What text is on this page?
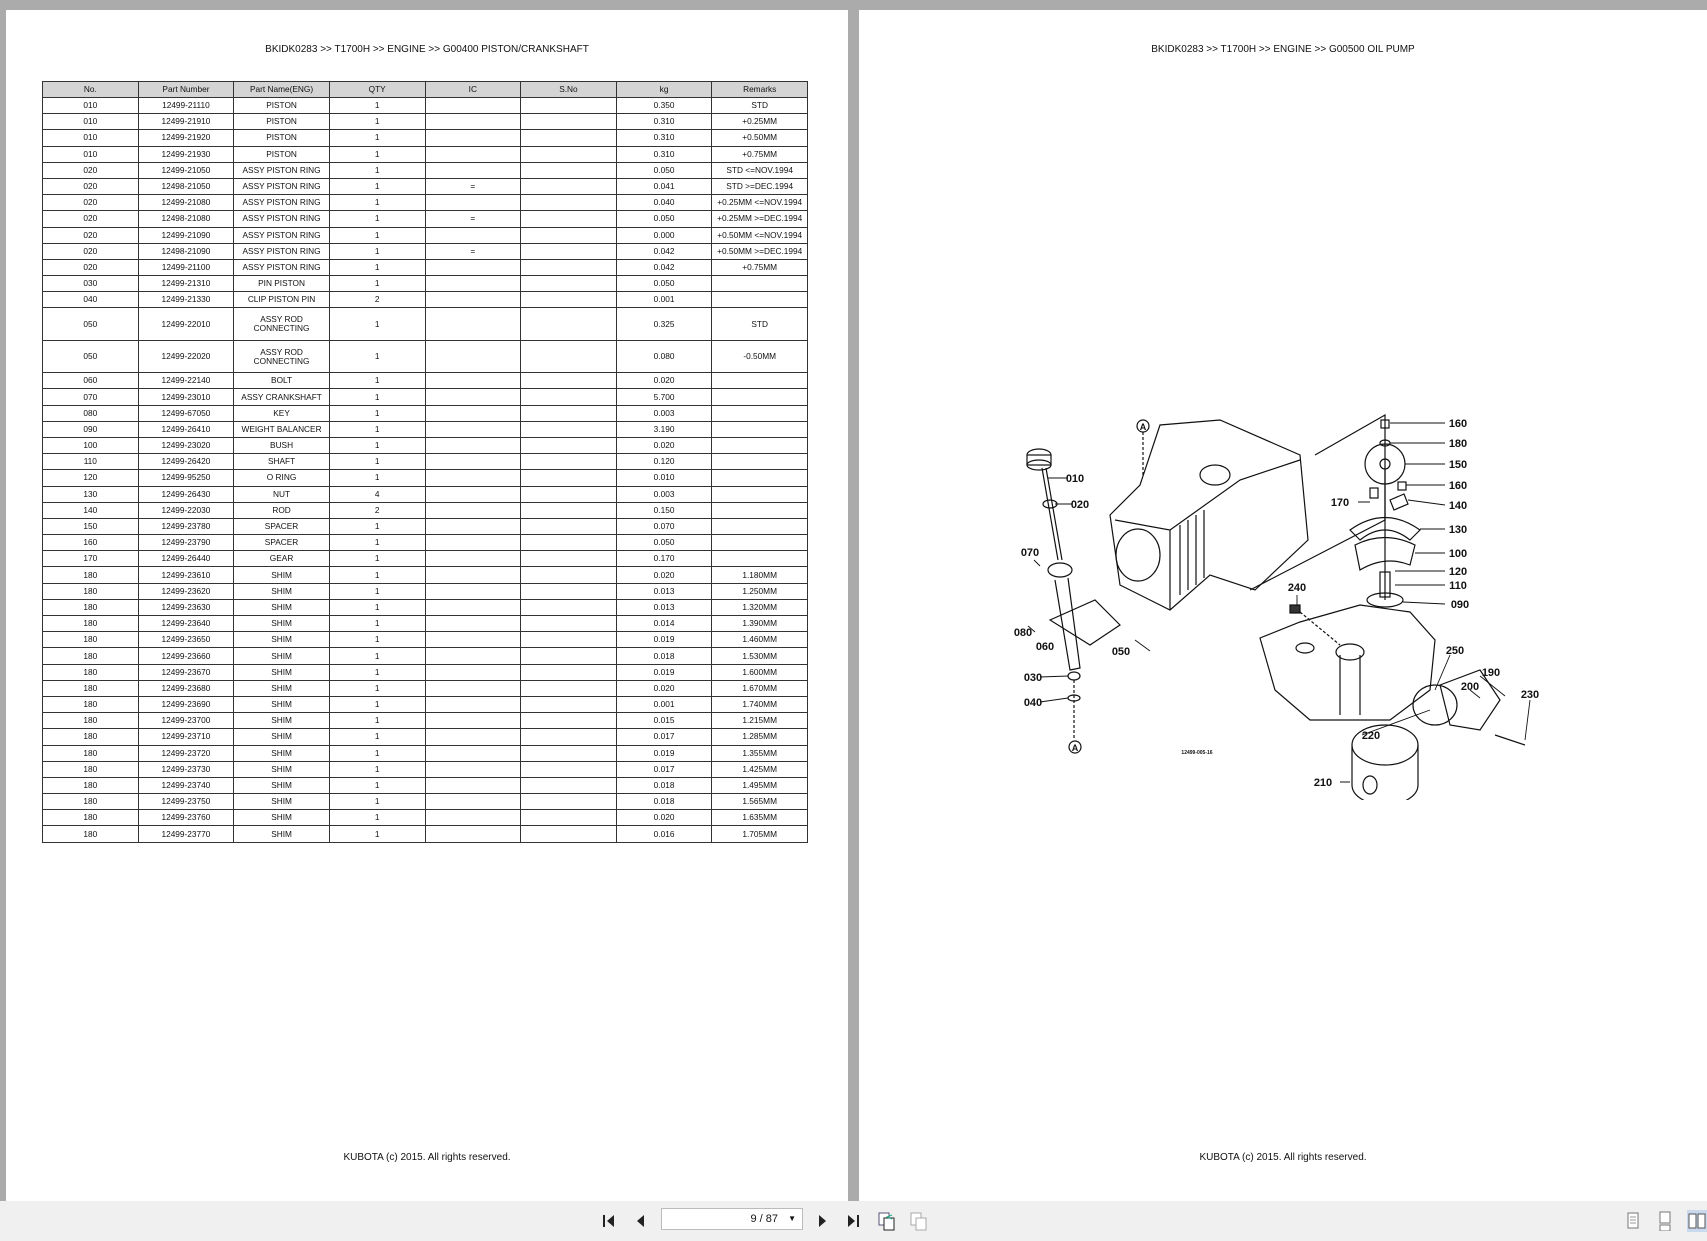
BKIDK0283 >> T1700H >> ENGINE >> G00400 PISTON/CRANKSHAFT
No.	Part Number	Part Name(ENG)	QTY	IC	S.No	kg	Remarks
010	12499-21110	PISTON	1			0.350	STD
010	12499-21910	PISTON	1			0.310	+0.25MM
010	12499-21920	PISTON	1			0.310	+0.50MM
010	12499-21930	PISTON	1			0.310	+0.75MM
020	12499-21050	ASSY PISTON RING	1			0.050	STD <=NOV.1994
020	12498-21050	ASSY PISTON RING	1	=		0.041	STD >=DEC.1994
020	12499-21080	ASSY PISTON RING	1			0.040	+0.25MM <=NOV.1994
020	12498-21080	ASSY PISTON RING	1	=		0.050	+0.25MM >=DEC.1994
020	12499-21090	ASSY PISTON RING	1			0.000	+0.50MM <=NOV.1994
020	12498-21090	ASSY PISTON RING	1	=		0.042	+0.50MM >=DEC.1994
020	12499-21100	ASSY PISTON RING	1			0.042	+0.75MM
030	12499-21310	PIN PISTON	1			0.050	
040	12499-21330	CLIP PISTON PIN	2			0.001	
050	12499-22010	ASSY ROD CONNECTING	1			0.325	STD
050	12499-22020	ASSY ROD CONNECTING	1			0.080	-0.50MM
060	12499-22140	BOLT	1			0.020	
070	12499-23010	ASSY CRANKSHAFT	1			5.700	
080	12499-67050	KEY	1			0.003	
090	12499-26410	WEIGHT BALANCER	1			3.190	
100	12499-23020	BUSH	1			0.020	
110	12499-26420	SHAFT	1			0.120	
120	12499-95250	O RING	1			0.010	
130	12499-26430	NUT	4			0.003	
140	12499-22030	ROD	2			0.150	
150	12499-23780	SPACER	1			0.070	
160	12499-23790	SPACER	1			0.050	
170	12499-26440	GEAR	1			0.170	
180	12499-23610	SHIM	1			0.020	1.180MM
180	12499-23620	SHIM	1			0.013	1.250MM
180	12499-23630	SHIM	1			0.013	1.320MM
180	12499-23640	SHIM	1			0.014	1.390MM
180	12499-23650	SHIM	1			0.019	1.460MM
180	12499-23660	SHIM	1			0.018	1.530MM
180	12499-23670	SHIM	1			0.019	1.600MM
180	12499-23680	SHIM	1			0.020	1.670MM
180	12499-23690	SHIM	1			0.001	1.740MM
180	12499-23700	SHIM	1			0.015	1.215MM
180	12499-23710	SHIM	1			0.017	1.285MM
180	12499-23720	SHIM	1			0.019	1.355MM
180	12499-23730	SHIM	1			0.017	1.425MM
180	12499-23740	SHIM	1			0.018	1.495MM
180	12499-23750	SHIM	1			0.018	1.565MM
180	12499-23760	SHIM	1			0.020	1.635MM
180	12499-23770	SHIM	1			0.016	1.705MM
KUBOTA (c) 2015. All rights reserved.
BKIDK0283 >> T1700H >> ENGINE >> G00500 OIL PUMP
010
020
070
080
060	050
030
040
160
180
150
160
140
170
130
100
120
110
090
240
250
190
200
230
220
210
A
A	12499-005-16
KUBOTA (c) 2015. All rights reserved.
9 / 87 ▼
